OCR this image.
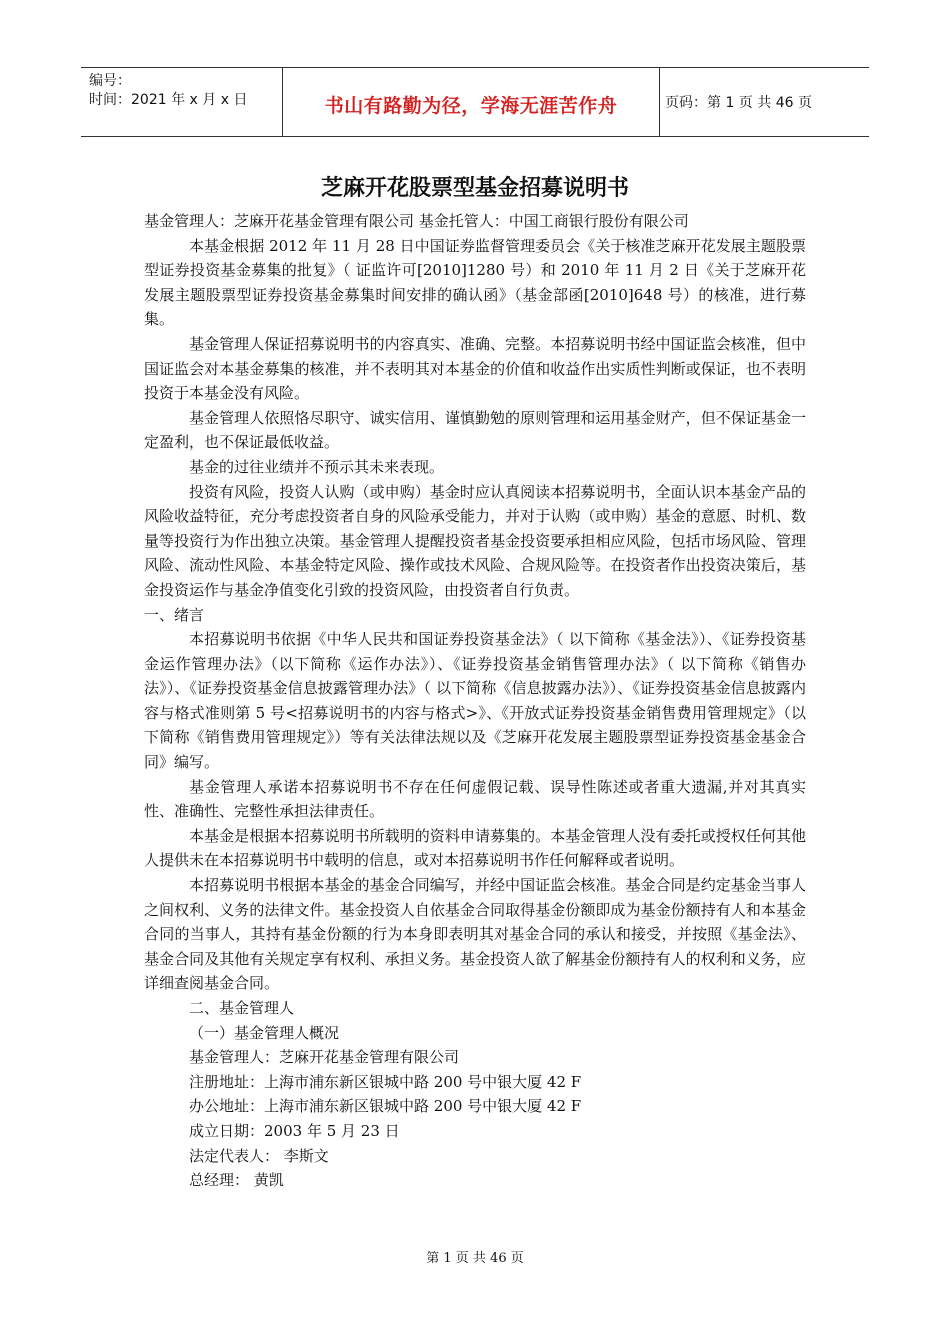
编号：
时间：2021 年 x 月 x 日	书山有路勤为径，学海无涯苦作舟	页码：第 1 页 共 46 页
芝麻开花股票型基金招募说明书

基金管理人：芝麻开花基金管理有限公司 基金托管人：中国工商银行股份有限公司

本基金根据 2012 年 11 月 28 日中国证券监督管理委员会《关于核准芝麻开花发展主题股票型证券投资基金募集的批复》（ 证监许可[2010]1280 号）和 2010 年 11 月 2 日《关于芝麻开花发展主题股票型证券投资基金募集时间安排的确认函》（基金部函[2010]648 号）的核准，进行募集。

基金管理人保证招募说明书的内容真实、准确、完整。本招募说明书经中国证监会核准，但中国证监会对本基金募集的核准，并不表明其对本基金的价值和收益作出实质性判断或保证，也不表明投资于本基金没有风险。

基金管理人依照恪尽职守、诚实信用、谨慎勤勉的原则管理和运用基金财产，但不保证基金一定盈利，也不保证最低收益。

基金的过往业绩并不预示其未来表现。

投资有风险，投资人认购（或申购）基金时应认真阅读本招募说明书，全面认识本基金产品的风险收益特征，充分考虑投资者自身的风险承受能力，并对于认购（或申购）基金的意愿、时机、数量等投资行为作出独立决策。基金管理人提醒投资者基金投资要承担相应风险，包括市场风险、管理风险、流动性风险、本基金特定风险、操作或技术风险、合规风险等。在投资者作出投资决策后，基金投资运作与基金净值变化引致的投资风险，由投资者自行负责。

一、绪言

本招募说明书依据《中华人民共和国证券投资基金法》（ 以下简称《基金法》）、《证券投资基金运作管理办法》（以下简称《运作办法》）、《证券投资基金销售管理办法》（ 以下简称《销售办法》）、《证券投资基金信息披露管理办法》（ 以下简称《信息披露办法》）、《证券投资基金信息披露内容与格式准则第 5 号<招募说明书的内容与格式>》、《开放式证券投资基金销售费用管理规定》（以下简称《销售费用管理规定》）等有关法律法规以及《芝麻开花发展主题股票型证券投资基金基金合同》编写。

基金管理人承诺本招募说明书不存在任何虚假记载、误导性陈述或者重大遗漏,并对其真实性、准确性、完整性承担法律责任。

本基金是根据本招募说明书所载明的资料申请募集的。本基金管理人没有委托或授权任何其他人提供未在本招募说明书中载明的信息，或对本招募说明书作任何解释或者说明。

本招募说明书根据本基金的基金合同编写，并经中国证监会核准。基金合同是约定基金当事人之间权利、义务的法律文件。基金投资人自依基金合同取得基金份额即成为基金份额持有人和本基金合同的当事人，其持有基金份额的行为本身即表明其对基金合同的承认和接受，并按照《基金法》、基金合同及其他有关规定享有权利、承担义务。基金投资人欲了解基金份额持有人的权利和义务，应详细查阅基金合同。

二、基金管理人

（一）基金管理人概况

基金管理人：芝麻开花基金管理有限公司

注册地址：上海市浦东新区银城中路 200 号中银大厦 42 F

办公地址：上海市浦东新区银城中路 200 号中银大厦 42 F

成立日期：2003 年 5 月 23 日

法定代表人： 李斯文

总经理： 黄凯

第 1 页 共 46 页
